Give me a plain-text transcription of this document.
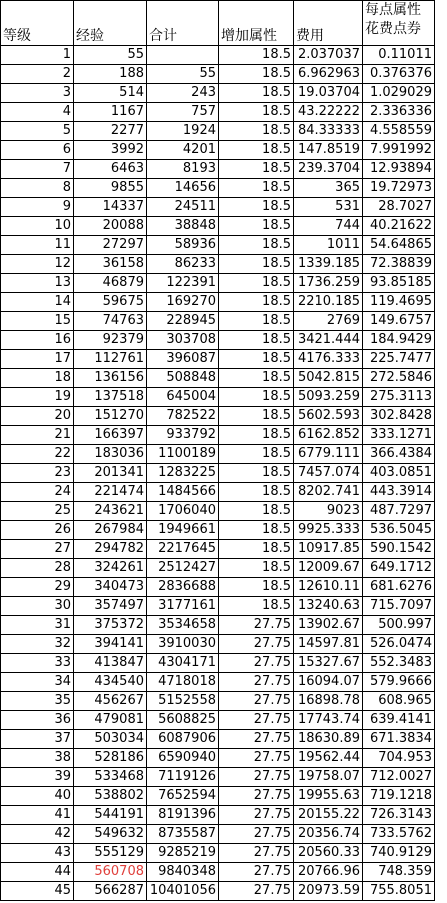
等级	经验	合计	增加属性	费用	每点属性花费点券
1	55		18.5	2.037037	0.11011
2	188	55	18.5	6.962963	0.376376
3	514	243	18.5	19.03704	1.029029
4	1167	757	18.5	43.22222	2.336336
5	2277	1924	18.5	84.33333	4.558559
6	3992	4201	18.5	147.8519	7.991992
7	6463	8193	18.5	239.3704	12.93894
8	9855	14656	18.5	365	19.72973
9	14337	24511	18.5	531	28.7027
10	20088	38848	18.5	744	40.21622
11	27297	58936	18.5	1011	54.64865
12	36158	86233	18.5	1339.185	72.38839
13	46879	122391	18.5	1736.259	93.85185
14	59675	169270	18.5	2210.185	119.4695
15	74763	228945	18.5	2769	149.6757
16	92379	303708	18.5	3421.444	184.9429
17	112761	396087	18.5	4176.333	225.7477
18	136156	508848	18.5	5042.815	272.5846
19	137518	645004	18.5	5093.259	275.3113
20	151270	782522	18.5	5602.593	302.8428
21	166397	933792	18.5	6162.852	333.1271
22	183036	1100189	18.5	6779.111	366.4384
23	201341	1283225	18.5	7457.074	403.0851
24	221474	1484566	18.5	8202.741	443.3914
25	243621	1706040	18.5	9023	487.7297
26	267984	1949661	18.5	9925.333	536.5045
27	294782	2217645	18.5	10917.85	590.1542
28	324261	2512427	18.5	12009.67	649.1712
29	340473	2836688	18.5	12610.11	681.6276
30	357497	3177161	18.5	13240.63	715.7097
31	375372	3534658	27.75	13902.67	500.997
32	394141	3910030	27.75	14597.81	526.0474
33	413847	4304171	27.75	15327.67	552.3483
34	434540	4718018	27.75	16094.07	579.9666
35	456267	5152558	27.75	16898.78	608.965
36	479081	5608825	27.75	17743.74	639.4141
37	503034	6087906	27.75	18630.89	671.3834
38	528186	6590940	27.75	19562.44	704.953
39	533468	7119126	27.75	19758.07	712.0027
40	538802	7652594	27.75	19955.63	719.1218
41	544191	8191396	27.75	20155.22	726.3143
42	549632	8735587	27.75	20356.74	733.5762
43	555129	9285219	27.75	20560.33	740.9129
44	560708	9840348	27.75	20766.96	748.359
45	566287	10401056	27.75	20973.59	755.8051
